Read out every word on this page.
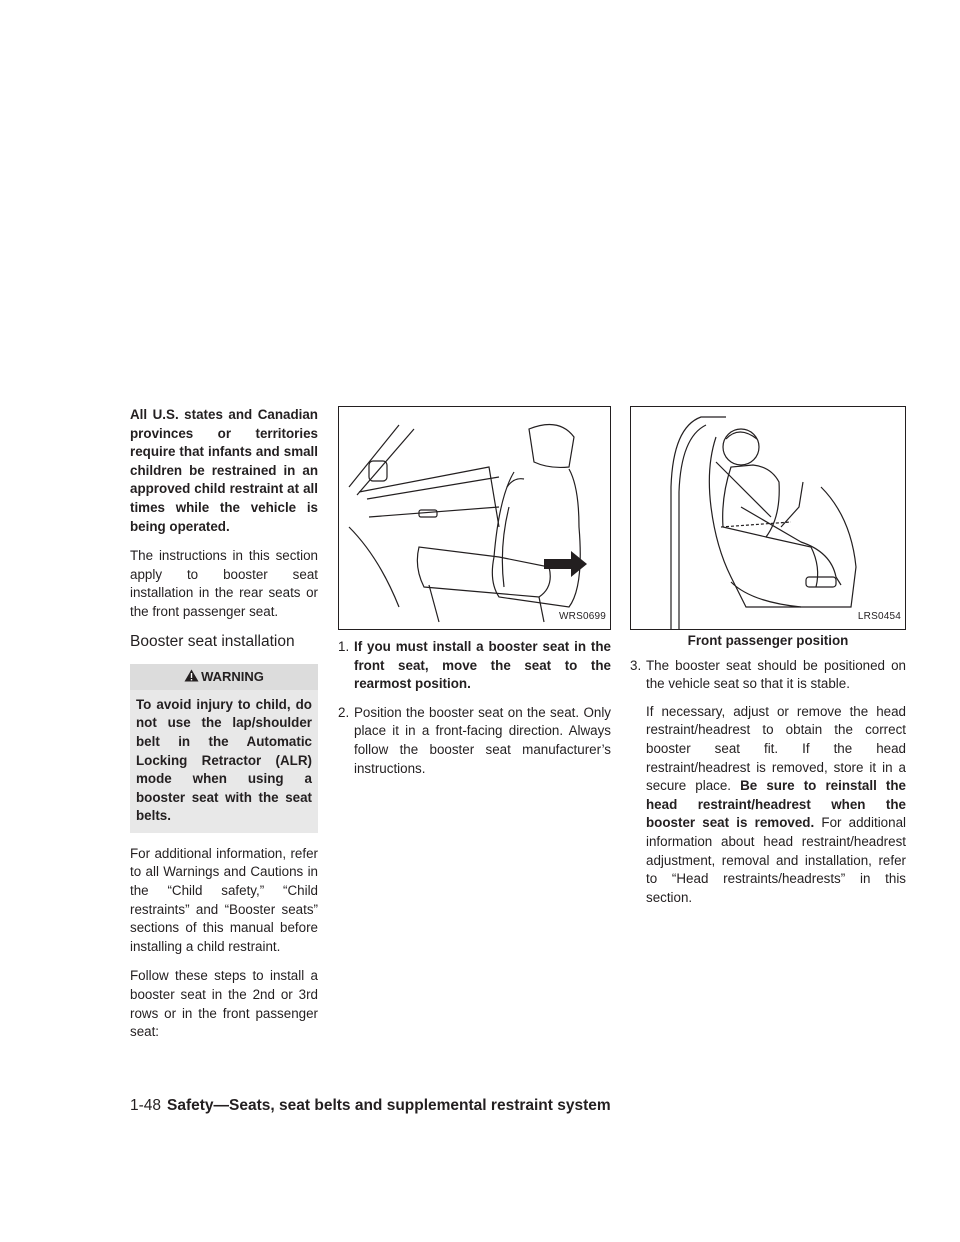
All U.S. states and Canadian provinces or territories require that infants and small children be restrained in an approved child restraint at all times while the vehicle is being operated.

The instructions in this section apply to booster seat installation in the rear seats or the front passenger seat.

Booster seat installation
WARNING
To avoid injury to child, do not use the lap/shoulder belt in the Automatic Locking Retractor (ALR) mode when using a booster seat with the seat belts.

For additional information, refer to all Warnings and Cautions in the “Child safety,” “Child restraints” and “Booster seats” sections of this manual before installing a child restraint.

Follow these steps to install a booster seat in the 2nd or 3rd rows or in the front passenger seat:

WRS0699
1. If you must install a booster seat in the front seat, move the seat to the rearmost position.
2. Position the booster seat on the seat. Only place it in a front-facing direction. Always follow the booster seat manufacturer’s instructions.
LRS0454
Front passenger position
3. The booster seat should be positioned on the vehicle seat so that it is stable.
If necessary, adjust or remove the head restraint/headrest to obtain the correct booster seat fit. If the head restraint/headrest is removed, store it in a secure place. Be sure to reinstall the head restraint/headrest when the booster seat is removed. For additional information about head restraint/headrest adjustment, removal and installation, refer to “Head restraints/headrests” in this section.
1-48 Safety—Seats, seat belts and supplemental restraint system
